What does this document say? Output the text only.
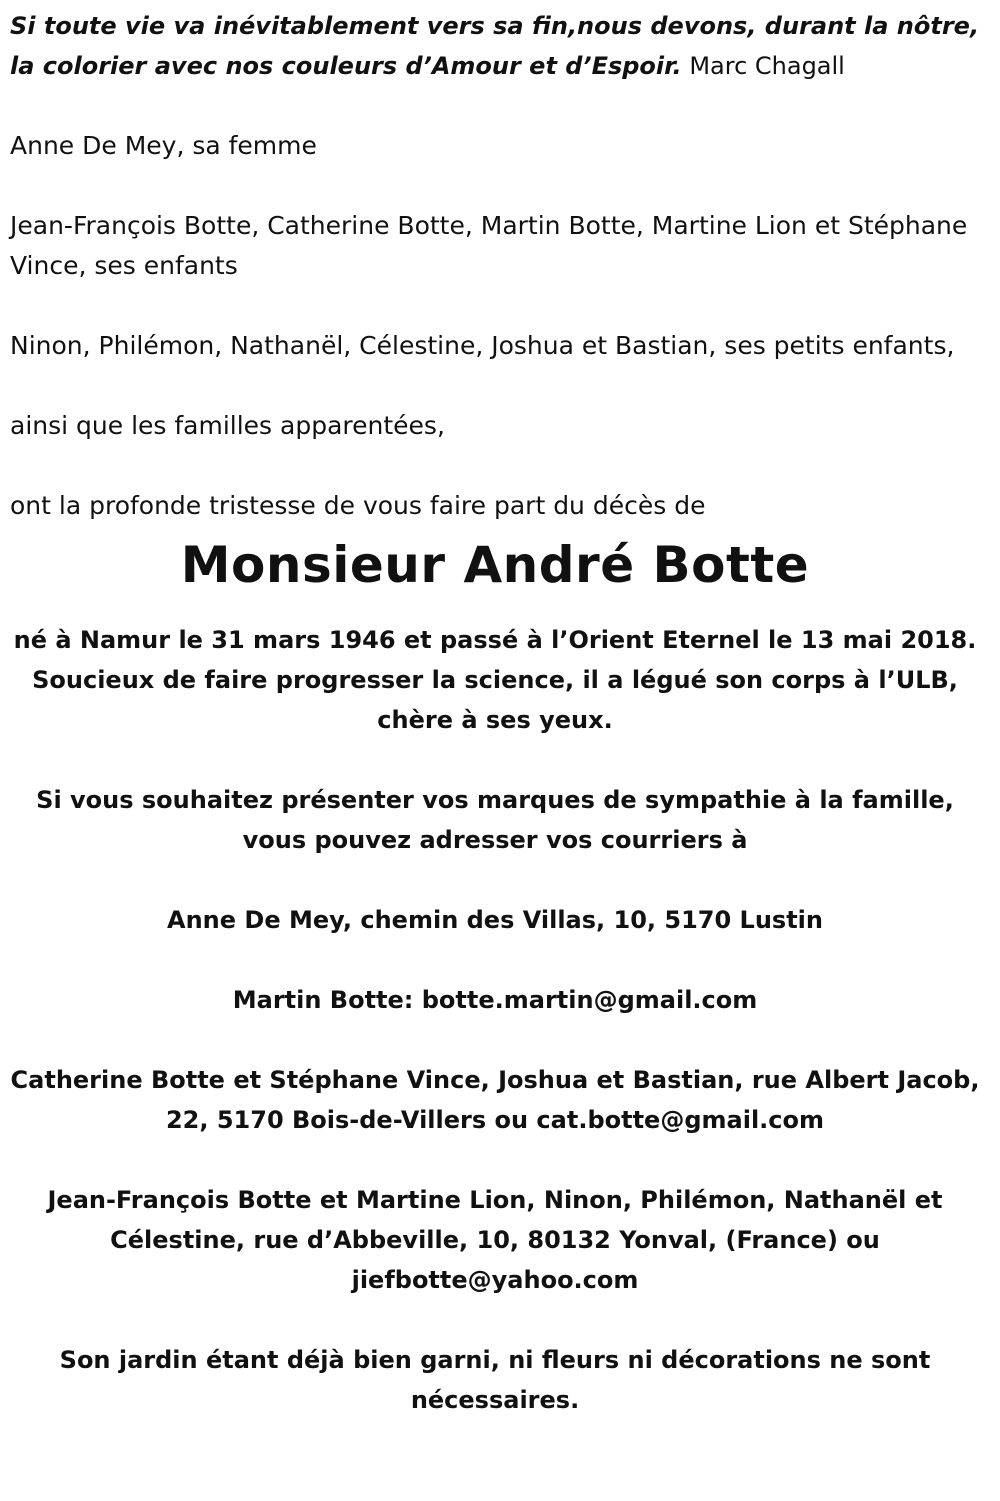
Si toute vie va inévitablement vers sa fin,nous devons, durant la nôtre, la colorier avec nos couleurs d’Amour et d’Espoir. Marc Chagall

Anne De Mey, sa femme

Jean-François Botte, Catherine Botte, Martin Botte, Martine Lion et Stéphane Vince, ses enfants

Ninon, Philémon, Nathanël, Célestine, Joshua et Bastian, ses petits enfants,

ainsi que les familles apparentées,

ont la profonde tristesse de vous faire part du décès de

Monsieur André Botte
né à Namur le 31 mars 1946 et passé à l’Orient Eternel le 13 mai 2018. Soucieux de faire progresser la science, il a légué son corps à l’ULB, chère à ses yeux.
Si vous souhaitez présenter vos marques de sympathie à la famille, vous pouvez adresser vos courriers à
Anne De Mey, chemin des Villas, 10, 5170 Lustin
Martin Botte: botte.martin@gmail.com
Catherine Botte et Stéphane Vince, Joshua et Bastian, rue Albert Jacob, 22, 5170 Bois-de-Villers ou cat.botte@gmail.com
Jean-François Botte et Martine Lion, Ninon, Philémon, Nathanël et Célestine, rue d’Abbeville, 10, 80132 Yonval, (France) ou jiefbotte@yahoo.com
Son jardin étant déjà bien garni, ni fleurs ni décorations ne sont nécessaires.
